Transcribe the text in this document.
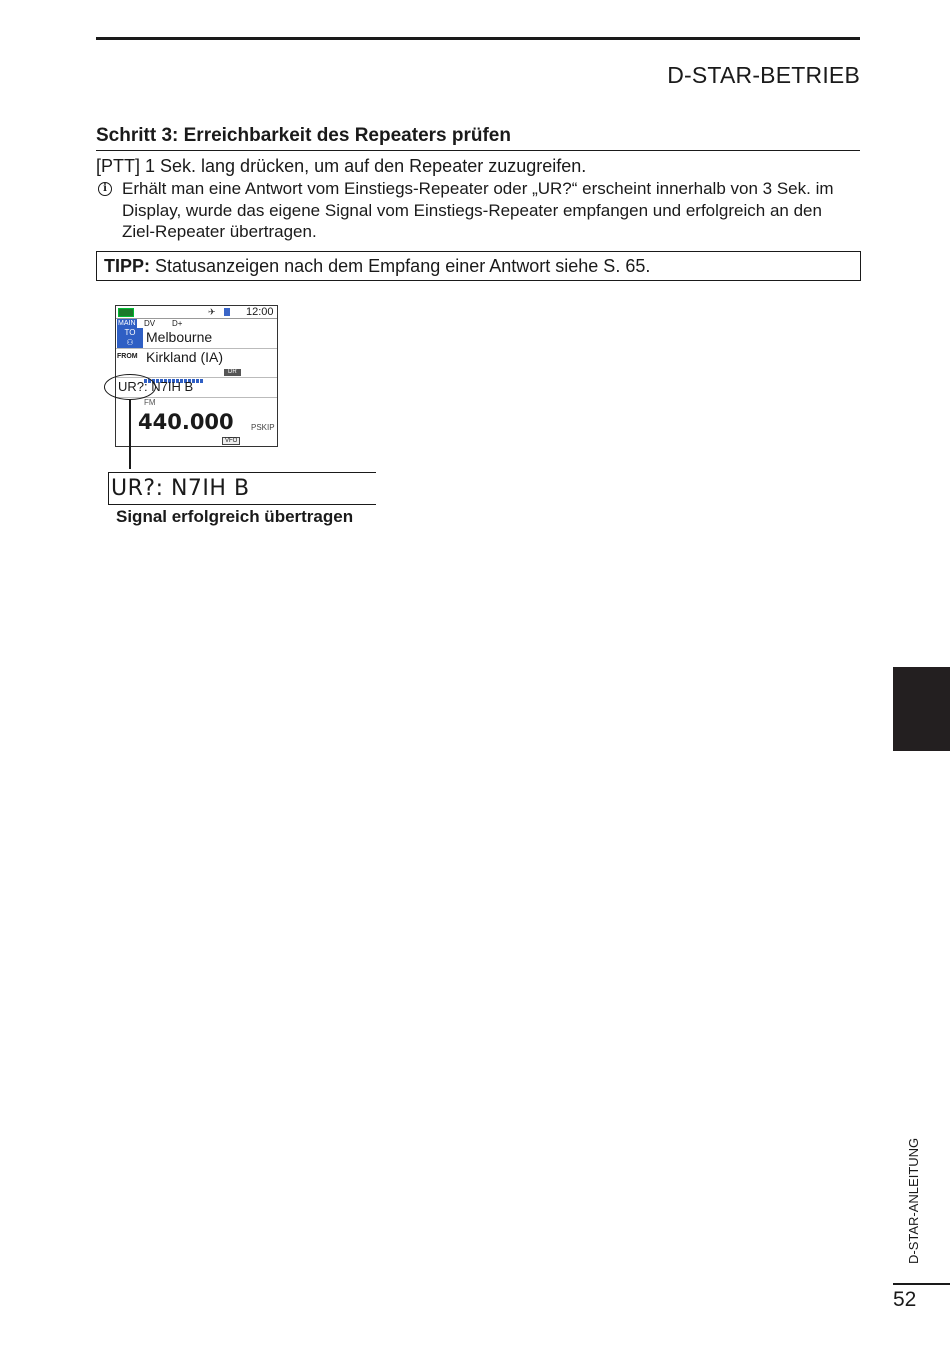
D-STAR-BETRIEB
Schritt 3: Erreichbarkeit des Repeaters prüfen
[PTT] 1 Sek. lang drücken, um auf den Repeater zuzugreifen.
i Erhält man eine Antwort vom Einstiegs-Repeater oder „UR?“ erscheint innerhalb von 3 Sek. im Display, wurde das eigene Signal vom Einstiegs-Repeater empfangen und erfolgreich an den Ziel-Repeater übertragen.
TIPP: Statusanzeigen nach dem Empfang einer Antwort siehe S. 65.
✈	12:00
MAIN DV D+
TO
⚇ Melbourne
FROM Kirkland (IA)
DR
UR?: N7IH B
FM
440.000 PSKIP
VFO
UR?: N7IH B
Signal erfolgreich übertragen
D-STAR-ANLEITUNG
52
